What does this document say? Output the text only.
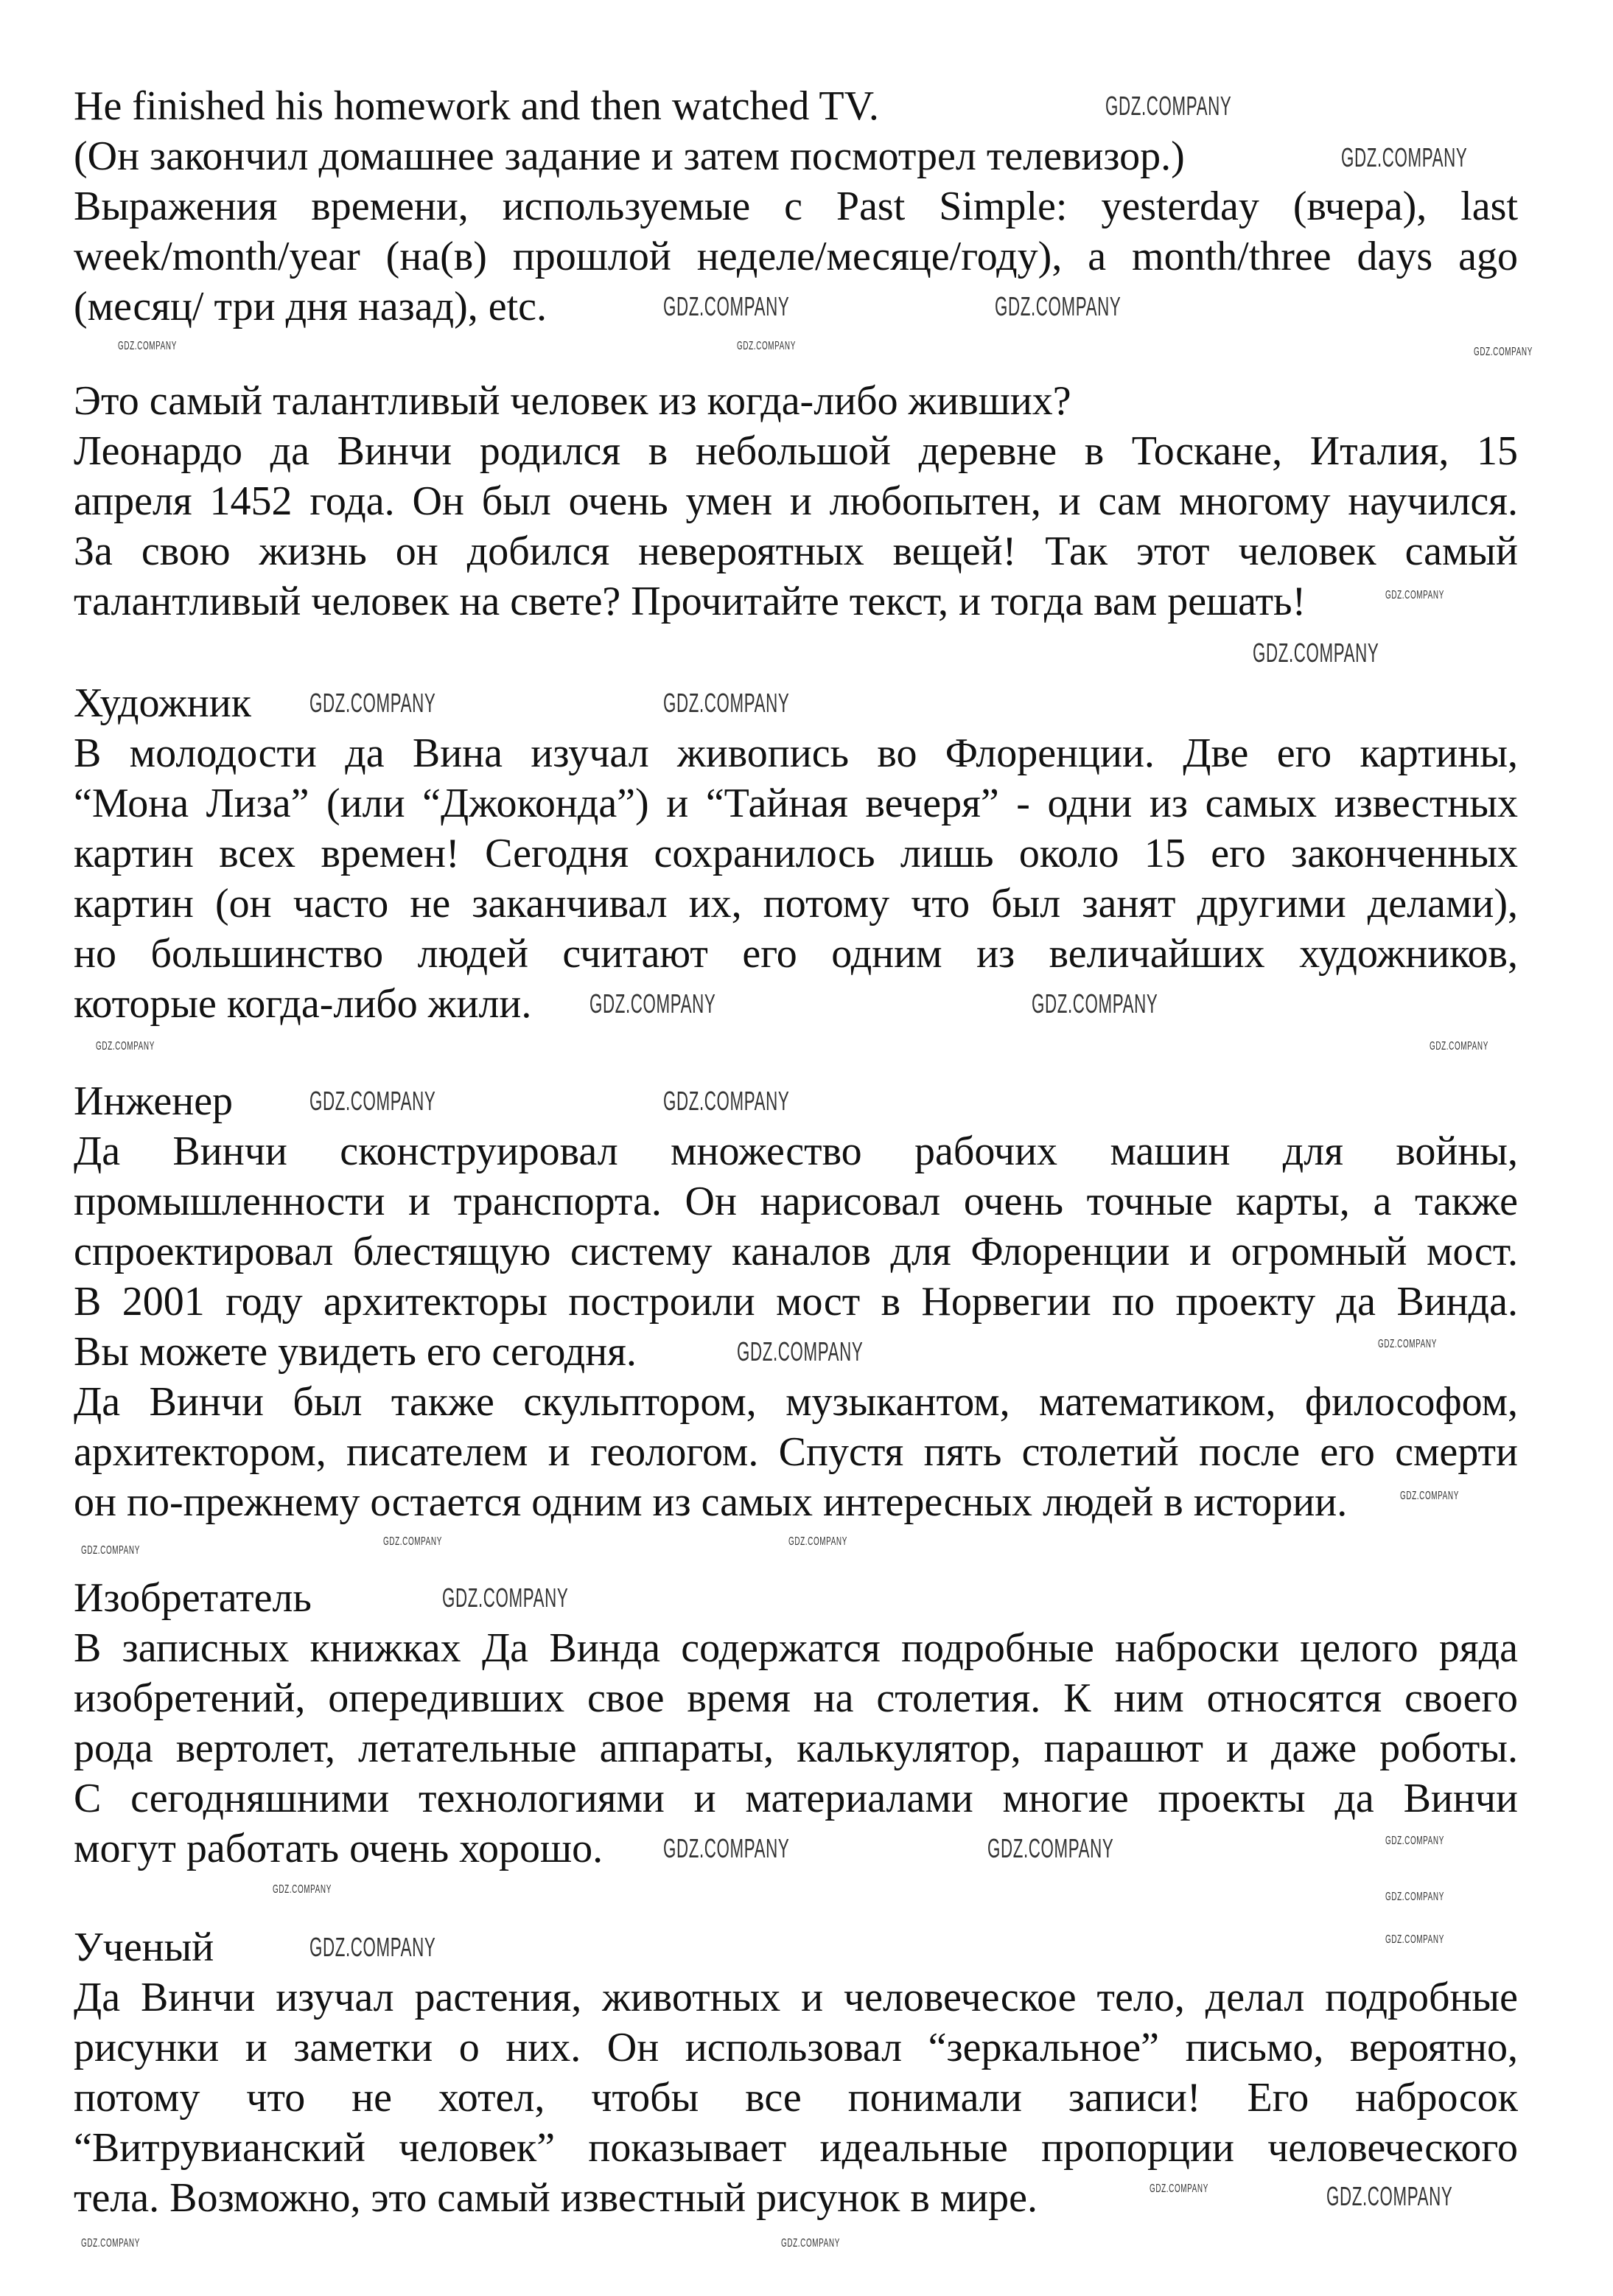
He finished his homework and then watched TV.
(Он закончил домашнее задание и затем посмотрел телевизор.)
Выражения времени, используемые с Past Simple: yesterday (вчера), last
week/month/year (на(в) прошлой неделе/месяце/году), a month/three days ago
(месяц/ три дня назад), etc.
Это самый талантливый человек из когда-либо живших?
Леонардо да Винчи родился в небольшой деревне в Тоскане, Италия, 15
апреля 1452 года. Он был очень умен и любопытен, и сам многому научился.
За свою жизнь он добился невероятных вещей! Так этот человек самый
талантливый человек на свете? Прочитайте текст, и тогда вам решать!
Художник
В молодости да Вина изучал живопись во Флоренции. Две его картины,
“Мона Лиза” (или “Джоконда”) и “Тайная вечеря” - одни из самых известных
картин всех времен! Сегодня сохранилось лишь около 15 его законченных
картин (он часто не заканчивал их, потому что был занят другими делами),
но большинство людей считают его одним из величайших художников,
которые когда-либо жили.
Инженер
Да Винчи сконструировал множество рабочих машин для войны,
промышленности и транспорта. Он нарисовал очень точные карты, а также
спроектировал блестящую систему каналов для Флоренции и огромный мост.
В 2001 году архитекторы построили мост в Норвегии по проекту да Винда.
Вы можете увидеть его сегодня.
Да Винчи был также скульптором, музыкантом, математиком, философом,
архитектором, писателем и геологом. Спустя пять столетий после его смерти
он по-прежнему остается одним из самых интересных людей в истории.
Изобретатель
В записных книжках Да Винда содержатся подробные наброски целого ряда
изобретений, опередивших свое время на столетия. К ним относятся своего
рода вертолет, летательные аппараты, калькулятор, парашют и даже роботы.
С сегодняшними технологиями и материалами многие проекты да Винчи
могут работать очень хорошо.
Ученый
Да Винчи изучал растения, животных и человеческое тело, делал подробные
рисунки и заметки о них. Он использовал “зеркальное” письмо, вероятно,
потому что не хотел, чтобы все понимали записи! Его набросок
“Витрувианский человек” показывает идеальные пропорции человеческого
тела. Возможно, это самый известный рисунок в мире.
GDZ.COMPANY
GDZ.COMPANY
GDZ.COMPANY	GDZ.COMPANY
GDZ.COMPANY	GDZ.COMPANY	GDZ.COMPANY
GDZ.COMPANY
GDZ.COMPANY
GDZ.COMPANY	GDZ.COMPANY
GDZ.COMPANY	GDZ.COMPANY
GDZ.COMPANY	GDZ.COMPANY
GDZ.COMPANY	GDZ.COMPANY
GDZ.COMPANY	GDZ.COMPANY
GDZ.COMPANY
GDZ.COMPANY	GDZ.COMPANY
GDZ.COMPANY
GDZ.COMPANY
GDZ.COMPANY	GDZ.COMPANY	GDZ.COMPANY
GDZ.COMPANY
GDZ.COMPANY
GDZ.COMPANY	GDZ.COMPANY
GDZ.COMPANY	GDZ.COMPANY
GDZ.COMPANY	GDZ.COMPANY
